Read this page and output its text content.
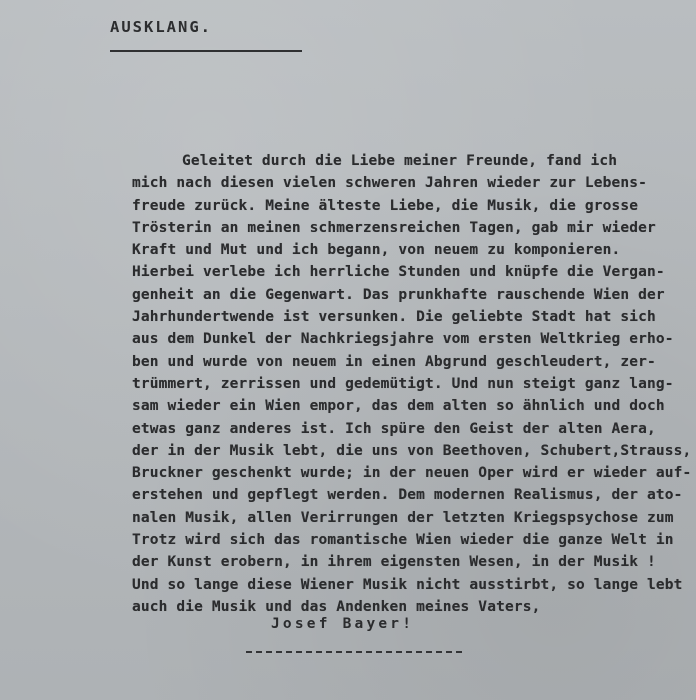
AUSKLANG.
Geleitet durch die Liebe meiner Freunde, fand ich
mich nach diesen vielen schweren Jahren wieder zur Lebens-
freude zurück. Meine älteste Liebe, die Musik, die grosse
Trösterin an meinen schmerzensreichen Tagen, gab mir wieder
Kraft und Mut und ich begann, von neuem zu komponieren.
Hierbei verlebe ich herrliche Stunden und knüpfe die Vergan-
genheit an die Gegenwart. Das prunkhafte rauschende Wien der
Jahrhundertwende ist versunken. Die geliebte Stadt hat sich
aus dem Dunkel der Nachkriegsjahre vom ersten Weltkrieg erho-
ben und wurde von neuem in einen Abgrund geschleudert, zer-
trümmert, zerrissen und gedemütigt. Und nun steigt ganz lang-
sam wieder ein Wien empor, das dem alten so ähnlich und doch
etwas ganz anderes ist. Ich spüre den Geist der alten Aera,
der in der Musik lebt, die uns von Beethoven, Schubert,Strauss,
Bruckner geschenkt wurde; in der neuen Oper wird er wieder auf-
erstehen und gepflegt werden. Dem modernen Realismus, der ato-
nalen Musik, allen Verirrungen der letzten Kriegspsychose zum
Trotz wird sich das romantische Wien wieder die ganze Welt in
der Kunst erobern, in ihrem eigensten Wesen, in der Musik !
Und so lange diese Wiener Musik nicht ausstirbt, so lange lebt
auch die Musik und das Andenken meines Vaters,
Josef Bayer!
